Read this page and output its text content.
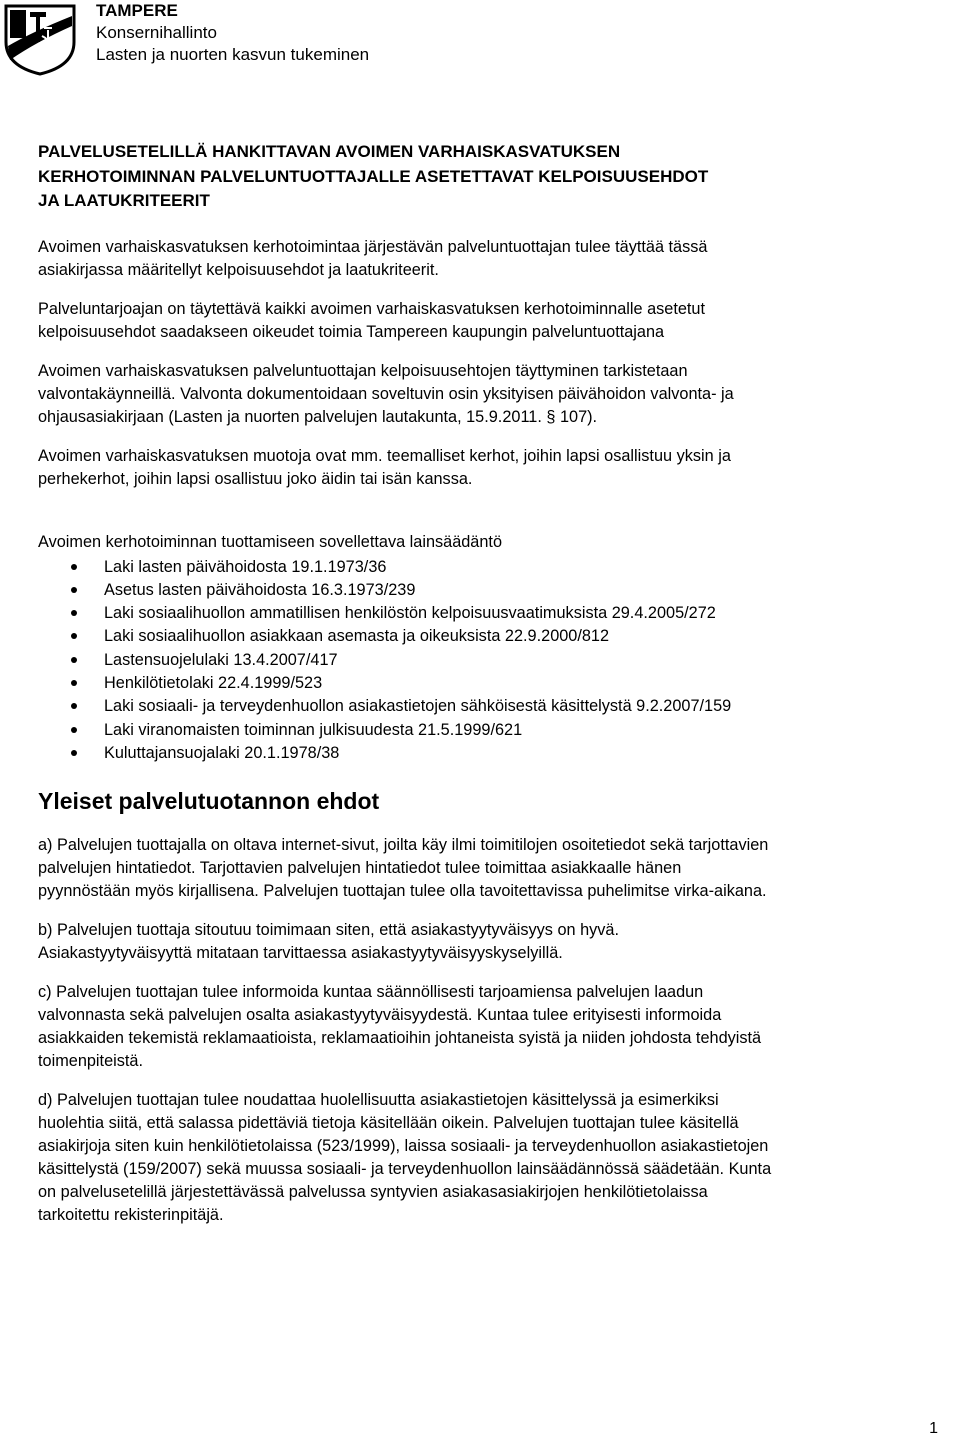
TAMPERE
Konsernihallinto
Lasten ja nuorten kasvun tukeminen
PALVELUSETELILLÄ HANKITTAVAN AVOIMEN VARHAISKASVATUKSEN
KERHOTOIMINNAN PALVELUNTUOTTAJALLE ASETETTAVAT KELPOISUUSEHDOT
JA LAATUKRITEERIT

Avoimen varhaiskasvatuksen kerhotoimintaa järjestävän palveluntuottajan tulee täyttää tässä
asiakirjassa määritellyt kelpoisuusehdot ja laatukriteerit.

Palveluntarjoajan on täytettävä kaikki avoimen varhaiskasvatuksen kerhotoiminnalle asetetut
kelpoisuusehdot saadakseen oikeudet toimia Tampereen kaupungin palveluntuottajana

Avoimen varhaiskasvatuksen palveluntuottajan kelpoisuusehtojen täyttyminen tarkistetaan
valvontakäynneillä. Valvonta dokumentoidaan soveltuvin osin yksityisen päivähoidon valvonta- ja
ohjausasiakirjaan (Lasten ja nuorten palvelujen lautakunta, 15.9.2011. § 107).

Avoimen varhaiskasvatuksen muotoja ovat mm. teemalliset kerhot, joihin lapsi osallistuu yksin ja
perhekerhot, joihin lapsi osallistuu joko äidin tai isän kanssa.

Avoimen kerhotoiminnan tuottamiseen sovellettava lainsäädäntö

Laki lasten päivähoidosta 19.1.1973/36
Asetus lasten päivähoidosta 16.3.1973/239
Laki sosiaalihuollon ammatillisen henkilöstön kelpoisuusvaatimuksista 29.4.2005/272
Laki sosiaalihuollon asiakkaan asemasta ja oikeuksista 22.9.2000/812
Lastensuojelulaki 13.4.2007/417
Henkilötietolaki 22.4.1999/523
Laki sosiaali- ja terveydenhuollon asiakastietojen sähköisestä käsittelystä 9.2.2007/159
Laki viranomaisten toiminnan julkisuudesta 21.5.1999/621
Kuluttajansuojalaki 20.1.1978/38
Yleiset palvelutuotannon ehdot

a) Palvelujen tuottajalla on oltava internet-sivut, joilta käy ilmi toimitilojen osoitetiedot sekä tarjottavien
palvelujen hintatiedot. Tarjottavien palvelujen hintatiedot tulee toimittaa asiakkaalle hänen
pyynnöstään myös kirjallisena. Palvelujen tuottajan tulee olla tavoitettavissa puhelimitse virka-aikana.

b) Palvelujen tuottaja sitoutuu toimimaan siten, että asiakastyytyväisyys on hyvä.
Asiakastyytyväisyyttä mitataan tarvittaessa asiakastyytyväisyyskyselyillä.

c) Palvelujen tuottajan tulee informoida kuntaa säännöllisesti tarjoamiensa palvelujen laadun
valvonnasta sekä palvelujen osalta asiakastyytyväisyydestä. Kuntaa tulee erityisesti informoida
asiakkaiden tekemistä reklamaatioista, reklamaatioihin johtaneista syistä ja niiden johdosta tehdyistä
toimenpiteistä.

d) Palvelujen tuottajan tulee noudattaa huolellisuutta asiakastietojen käsittelyssä ja esimerkiksi
huolehtia siitä, että salassa pidettäviä tietoja käsitellään oikein. Palvelujen tuottajan tulee käsitellä
asiakirjoja siten kuin henkilötietolaissa (523/1999), laissa sosiaali- ja terveydenhuollon asiakastietojen
käsittelystä (159/2007) sekä muussa sosiaali- ja terveydenhuollon lainsäädännössä säädetään. Kunta
on palvelusetelillä järjestettävässä palvelussa syntyvien asiakasasiakirjojen henkilötietolaissa
tarkoitettu rekisterinpitäjä.

1
